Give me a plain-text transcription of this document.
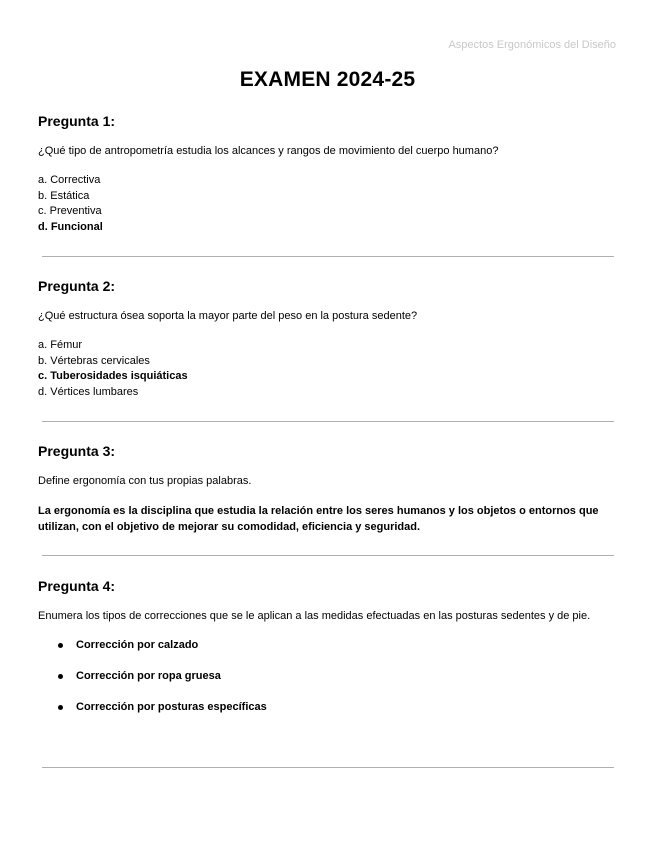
Aspectos Ergonómicos del Diseño
EXAMEN 2024-25

Pregunta 1:

¿Qué tipo de antropometría estudia los alcances y rangos de movimiento del cuerpo humano?

a. Correctiva

b. Estática

c. Preventiva

d. Funcional

Pregunta 2:

¿Qué estructura ósea soporta la mayor parte del peso en la postura sedente?

a. Fémur

b. Vértebras cervicales

c. Tuberosidades isquiáticas

d. Vértices lumbares

Pregunta 3:

Define ergonomía con tus propias palabras.

La ergonomía es la disciplina que estudia la relación entre los seres humanos y los objetos o entornos que utilizan, con el objetivo de mejorar su comodidad, eficiencia y seguridad.

Pregunta 4:

Enumera los tipos de correcciones que se le aplican a las medidas efectuadas en las posturas sedentes y de pie.

Corrección por calzado
Corrección por ropa gruesa
Corrección por posturas específicas
